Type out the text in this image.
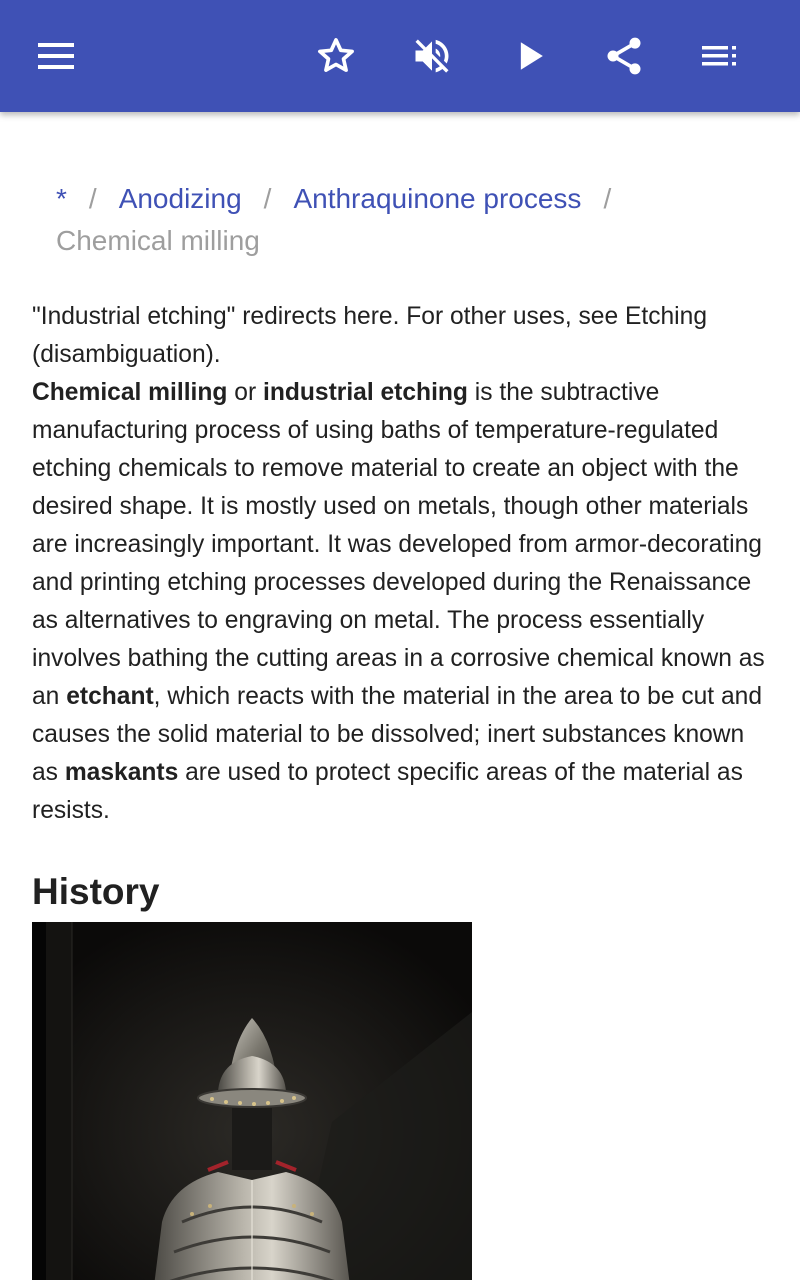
* / Anodizing / Anthraquinone process /
Chemical milling

"Industrial etching" redirects here. For other uses, see Etching (disambiguation).

Chemical milling or industrial etching is the subtractive manufacturing process of using baths of temperature-regulated etching chemicals to remove material to create an object with the desired shape. It is mostly used on metals, though other materials are increasingly important. It was developed from armor-decorating and printing etching processes developed during the Renaissance as alternatives to engraving on metal. The process essentially involves bathing the cutting areas in a corrosive chemical known as an etchant, which reacts with the material in the area to be cut and causes the solid material to be dissolved; inert substances known as maskants are used to protect specific areas of the material as resists.

History
